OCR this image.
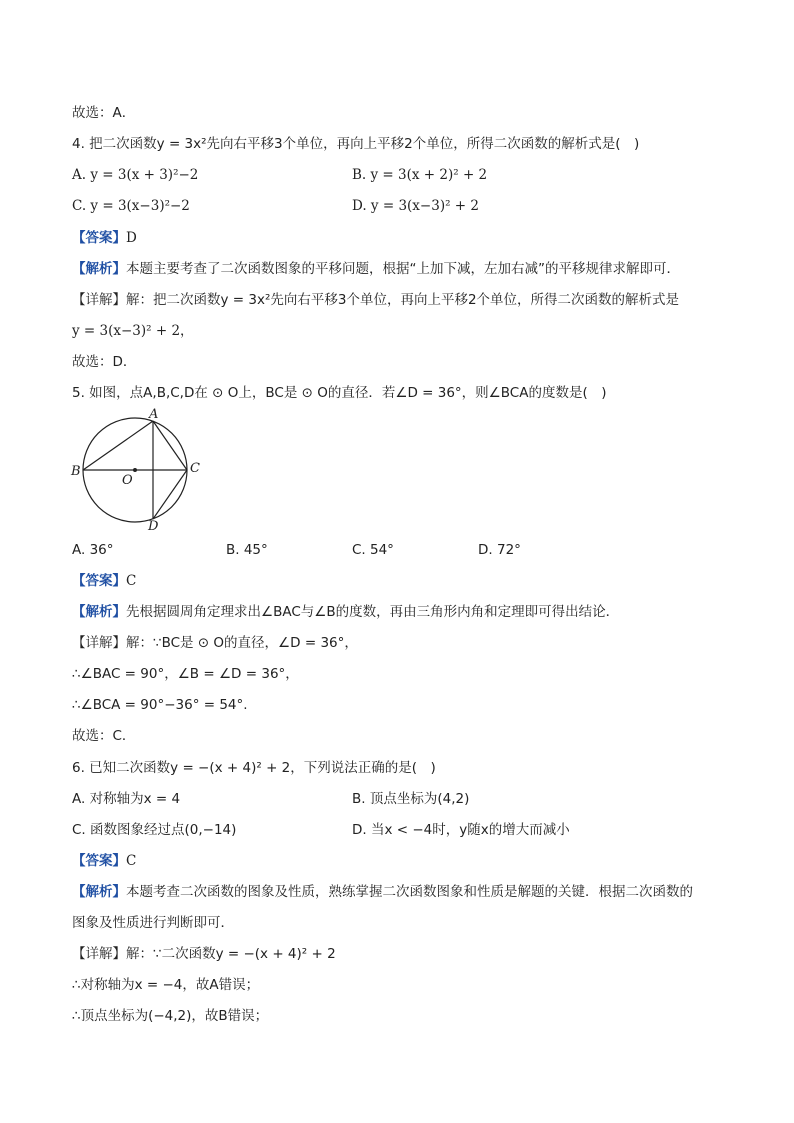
故选：A．
4. 把二次函数y = 3x²先向右平移3个单位，再向上平移2个单位，所得二次函数的解析式是(　)
A. y = 3(x + 3)²−2	B. y = 3(x + 2)² + 2
C. y = 3(x−3)²−2	D. y = 3(x−3)² + 2
【答案】D
【解析】本题主要考查了二次函数图象的平移问题，根据“上加下减，左加右减”的平移规律求解即可．
【详解】解：把二次函数y = 3x²先向右平移3个单位，再向上平移2个单位，所得二次函数的解析式是
y = 3(x−3)² + 2，
故选：D．
5. 如图，点A,B,C,D在 ⊙ O上，BC是 ⊙ O的直径．若∠D = 36°，则∠BCA的度数是(　)
A
B	C
D
O
A. 36°	B. 45°	C. 54°	D. 72°
【答案】C
【解析】先根据圆周角定理求出∠BAC与∠B的度数，再由三角形内角和定理即可得出结论．
【详解】解：∵BC是 ⊙ O的直径，∠D = 36°，
∴∠BAC = 90°，∠B = ∠D = 36°，
∴∠BCA = 90°−36° = 54°.
故选：C．
6. 已知二次函数y = −(x + 4)² + 2，下列说法正确的是(　)
A. 对称轴为x = 4	B. 顶点坐标为(4,2)
C. 函数图象经过点(0,−14)	D. 当x < −4时，y随x的增大而减小
【答案】C
【解析】本题考查二次函数的图象及性质，熟练掌握二次函数图象和性质是解题的关键．根据二次函数的
图象及性质进行判断即可．
【详解】解：∵二次函数y = −(x + 4)² + 2
∴对称轴为x = −4，故A错误；
∴顶点坐标为(−4,2)，故B错误；
